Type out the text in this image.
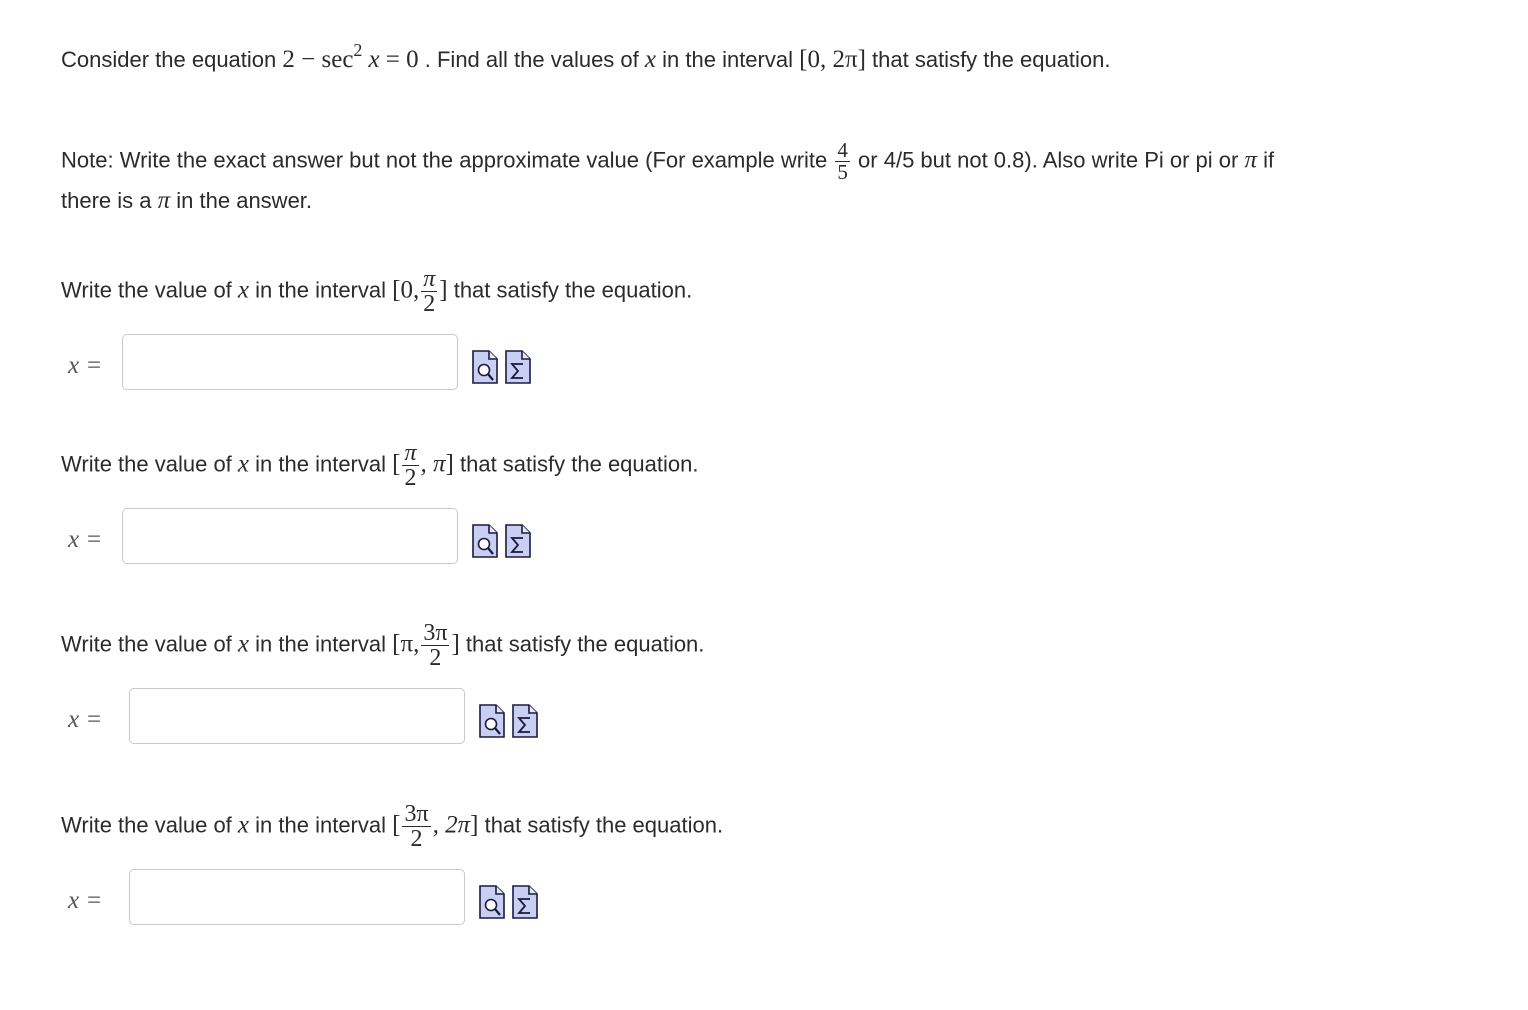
Consider the equation $2 - \sec^2 x = 0$ . Find all the values of x in the interval [0, 2π] that satisfy the equation.
Note: Write the exact answer but not the approximate value (For example write $\frac{4}{5}$ or 4/5 but not 0.8). Also write Pi or pi or π if
there is a π in the answer.
Write the value of x in the interval [0, $\frac{\pi}{2}$ ] that satisfy the equation.
x =
Write the value of x in the interval [ $\frac{\pi}{2}$ , π] that satisfy the equation.
x =
Write the value of x in the interval [π, $\frac{3\pi}{2}$ ] that satisfy the equation.
x =
Write the value of x in the interval [ $\frac{3\pi}{2}$ , 2π] that satisfy the equation.
x =
